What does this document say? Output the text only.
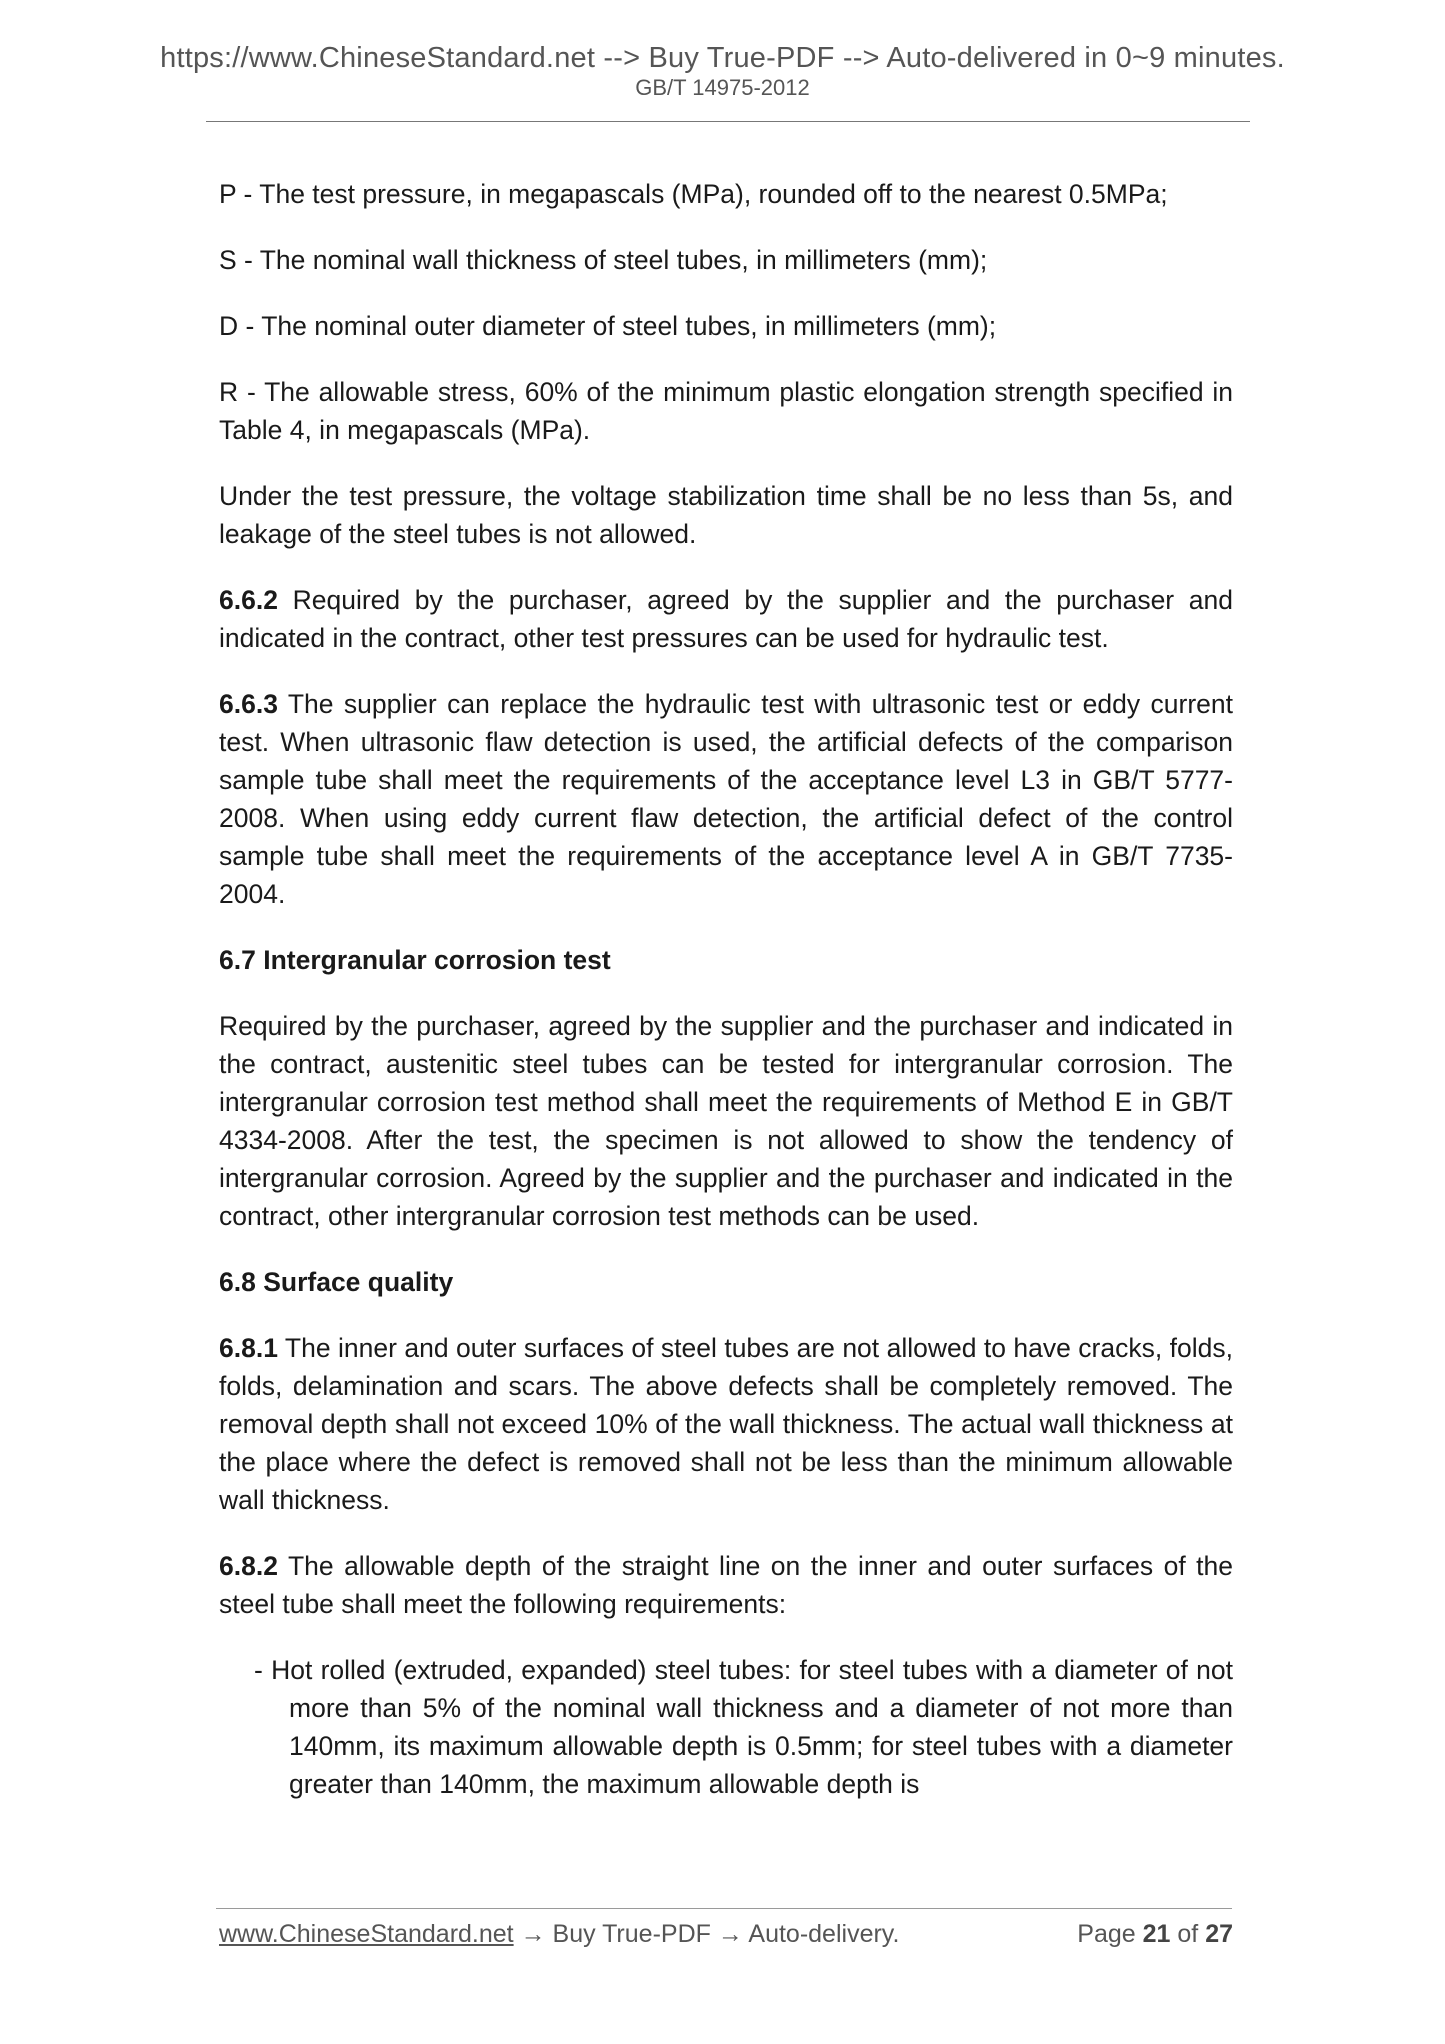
https://www.ChineseStandard.net --> Buy True-PDF --> Auto-delivered in 0~9 minutes.
GB/T 14975-2012

P - The test pressure, in megapascals (MPa), rounded off to the nearest 0.5MPa;

S - The nominal wall thickness of steel tubes, in millimeters (mm);

D - The nominal outer diameter of steel tubes, in millimeters (mm);

R - The allowable stress, 60% of the minimum plastic elongation strength specified in Table 4, in megapascals (MPa).

Under the test pressure, the voltage stabilization time shall be no less than 5s, and leakage of the steel tubes is not allowed.

6.6.2 Required by the purchaser, agreed by the supplier and the purchaser and indicated in the contract, other test pressures can be used for hydraulic test.

6.6.3 The supplier can replace the hydraulic test with ultrasonic test or eddy current test. When ultrasonic flaw detection is used, the artificial defects of the comparison sample tube shall meet the requirements of the acceptance level L3 in GB/T 5777-2008. When using eddy current flaw detection, the artificial defect of the control sample tube shall meet the requirements of the acceptance level A in GB/T 7735-2004.

6.7 Intergranular corrosion test

Required by the purchaser, agreed by the supplier and the purchaser and indicated in the contract, austenitic steel tubes can be tested for intergranular corrosion. The intergranular corrosion test method shall meet the requirements of Method E in GB/T 4334-2008. After the test, the specimen is not allowed to show the tendency of intergranular corrosion. Agreed by the supplier and the purchaser and indicated in the contract, other intergranular corrosion test methods can be used.

6.8 Surface quality

6.8.1 The inner and outer surfaces of steel tubes are not allowed to have cracks, folds, folds, delamination and scars. The above defects shall be completely removed. The removal depth shall not exceed 10% of the wall thickness. The actual wall thickness at the place where the defect is removed shall not be less than the minimum allowable wall thickness.

6.8.2 The allowable depth of the straight line on the inner and outer surfaces of the steel tube shall meet the following requirements:

- Hot rolled (extruded, expanded) steel tubes: for steel tubes with a diameter of not more than 5% of the nominal wall thickness and a diameter of not more than 140mm, its maximum allowable depth is 0.5mm; for steel tubes with a diameter greater than 140mm, the maximum allowable depth is

www.ChineseStandard.net → Buy True-PDF → Auto-delivery.	Page 21 of 27
